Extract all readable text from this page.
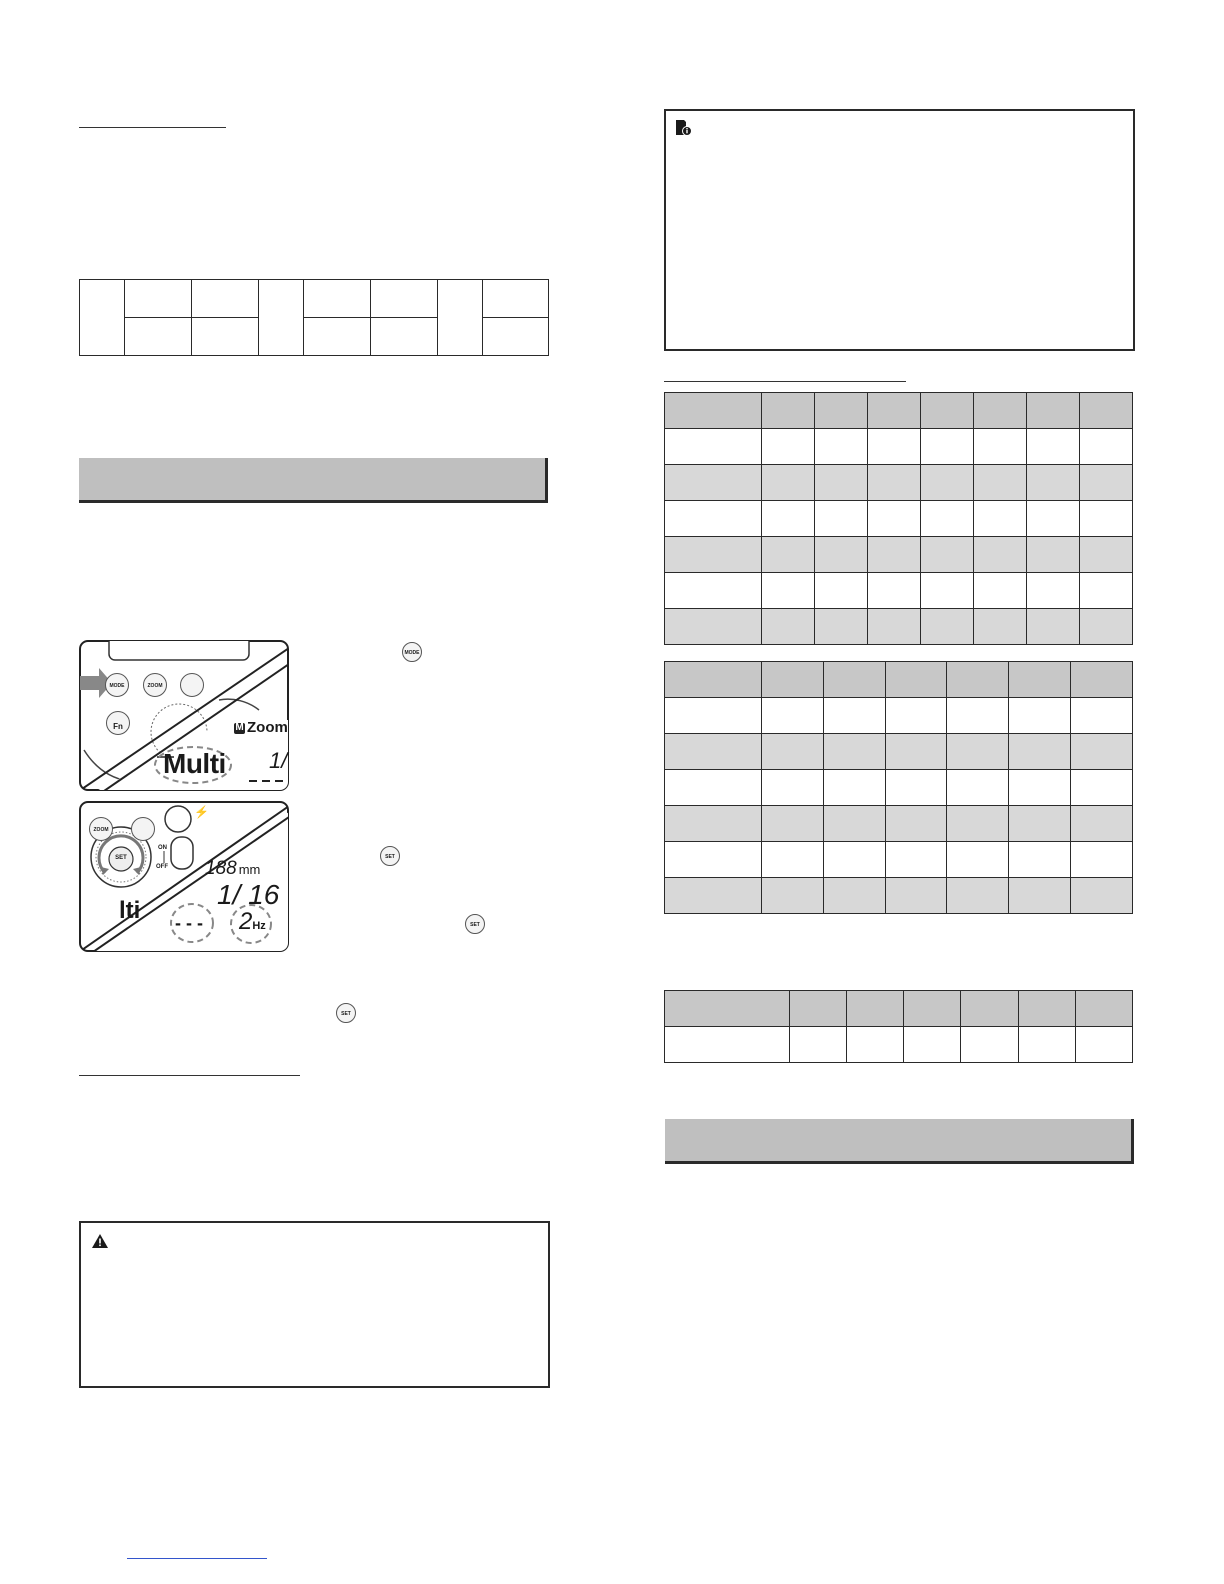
MODE	ZOOM
Fn	M Zoom
Multi 1/
ZOOM
⚡
SET
ON
OFF 188 mm
1/ 16
lti - - - 2Hz
MODE
SET
SET
SET
